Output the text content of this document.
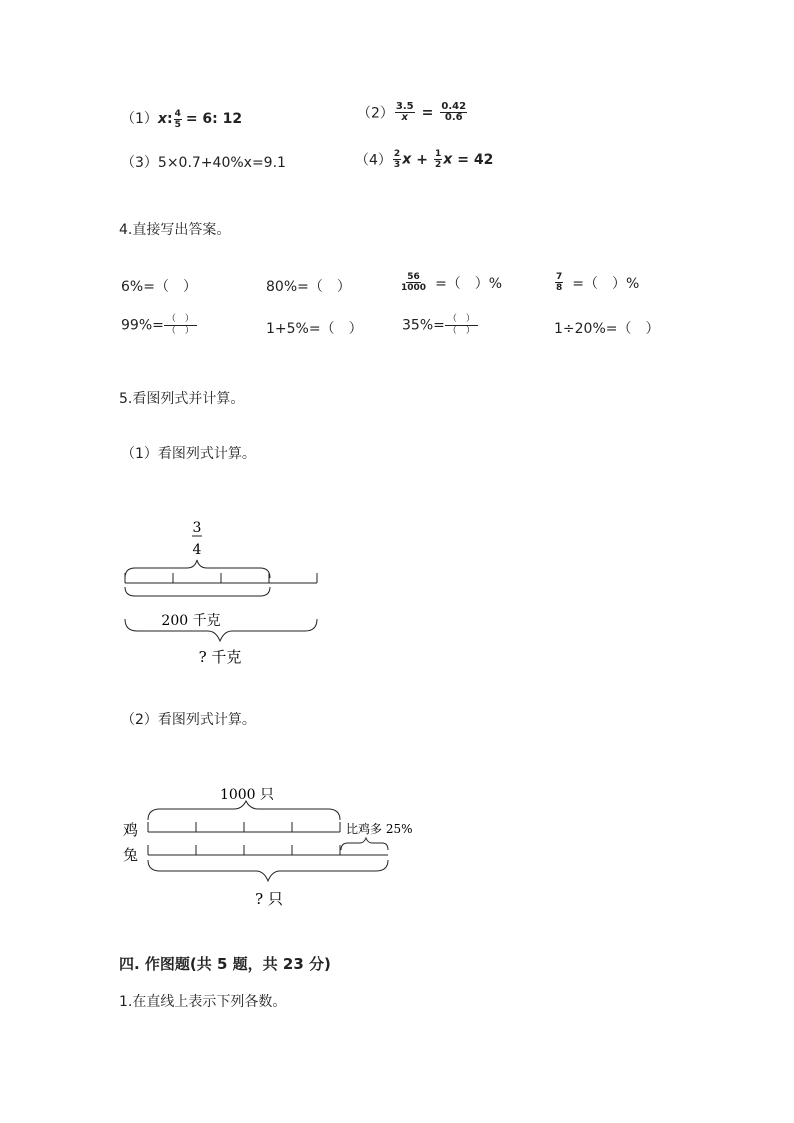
（1）x: $\frac{4}{5} = 6$: 12	$(2) \frac{3.5}{x} = \frac{0.42}{0.6}$
（3）5×0.7+40%x=9.1	$(4) \frac{2}{3}$ $x + \frac{1}{2}$ x = 42
4.直接写出答案。
6%=（　）	80%=（　）	$\frac{56}{1000}$ =（　）%	$\frac{7}{8}$ =（　）%
$99\%= \frac{( )}{( )}$	1+5%=（　）	$35\%= \frac{( )}{( )}$	1÷20%=（　）
5.看图列式并计算。
（1）看图列式计算。
3
4
200 千克
? 千克
（2）看图列式计算。
1000 只
鸡
兔
比鸡多 25%
? 只
四. 作图题(共 5 题，共 23 分)
1.在直线上表示下列各数。
